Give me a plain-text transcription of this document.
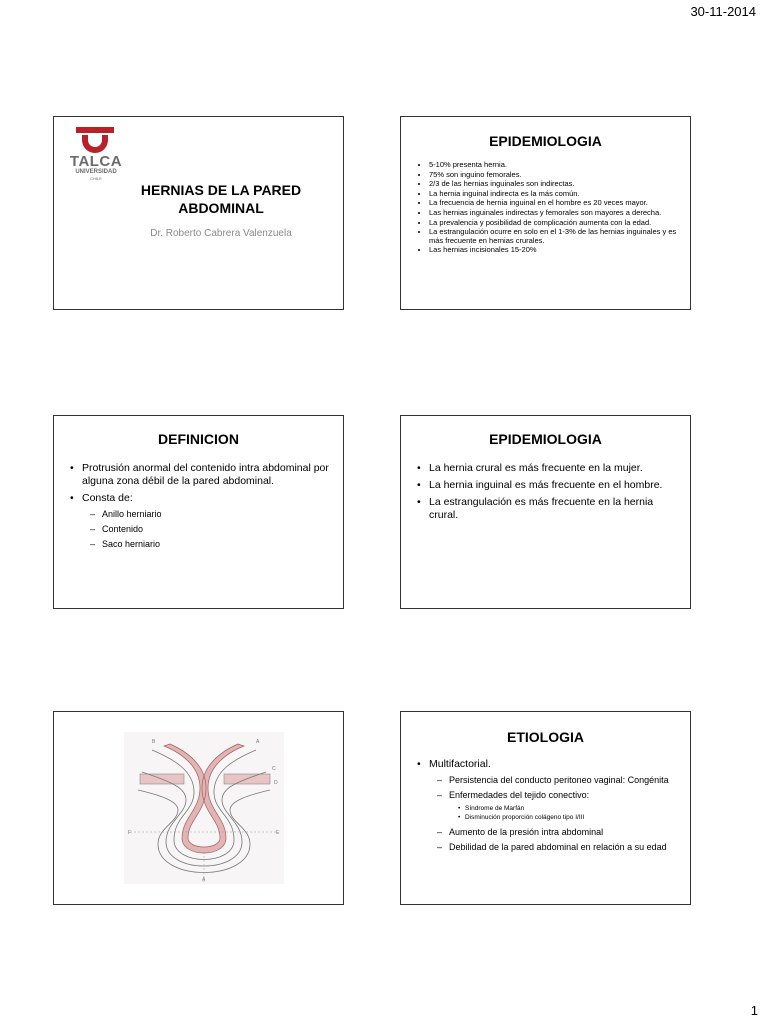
30-11-2014
TALCA
UNIVERSIDAD
CHILE
HERNIAS DE LA PARED
ABDOMINAL
Dr. Roberto Cabrera Valenzuela
EPIDEMIOLOGIA
• 5-10% presenta hernia.
• 75% son inguino femorales.
• 2/3 de las hernias inguinales son indirectas.
• La hernia inguinal indirecta es la más común.
• La frecuencia de hernia inguinal en el hombre es 20 veces mayor.
• Las hernias inguinales indirectas y femorales son mayores a derecha.
• La prevalencia y posibilidad de complicación aumenta con la edad.
• La estrangulación ocurre en solo en el 1-3% de las hernias inguinales y es más frecuente en hernias crurales.
• Las hernias incisionales 15-20%
DEFINICION
• Protrusión anormal del contenido intra abdominal por alguna zona débil de la pared abdominal.
• Consta de:
– Anillo herniario
– Contenido
– Saco herniario
EPIDEMIOLOGIA
• La hernia crural es más frecuente en la mujer.
• La hernia inguinal es más frecuente en el hombre.
• La estrangulación es más frecuente en la hernia crural.
B	A
C
D
F	E
A
ETIOLOGIA
• Multifactorial.
– Persistencia del conducto peritoneo vaginal: Congénita
– Enfermedades del tejido conectivo:
• Síndrome de Marfán
• Disminución proporción colágeno tipo I/III
– Aumento de la presión intra abdominal
– Debilidad de la pared abdominal en relación a su edad
1
